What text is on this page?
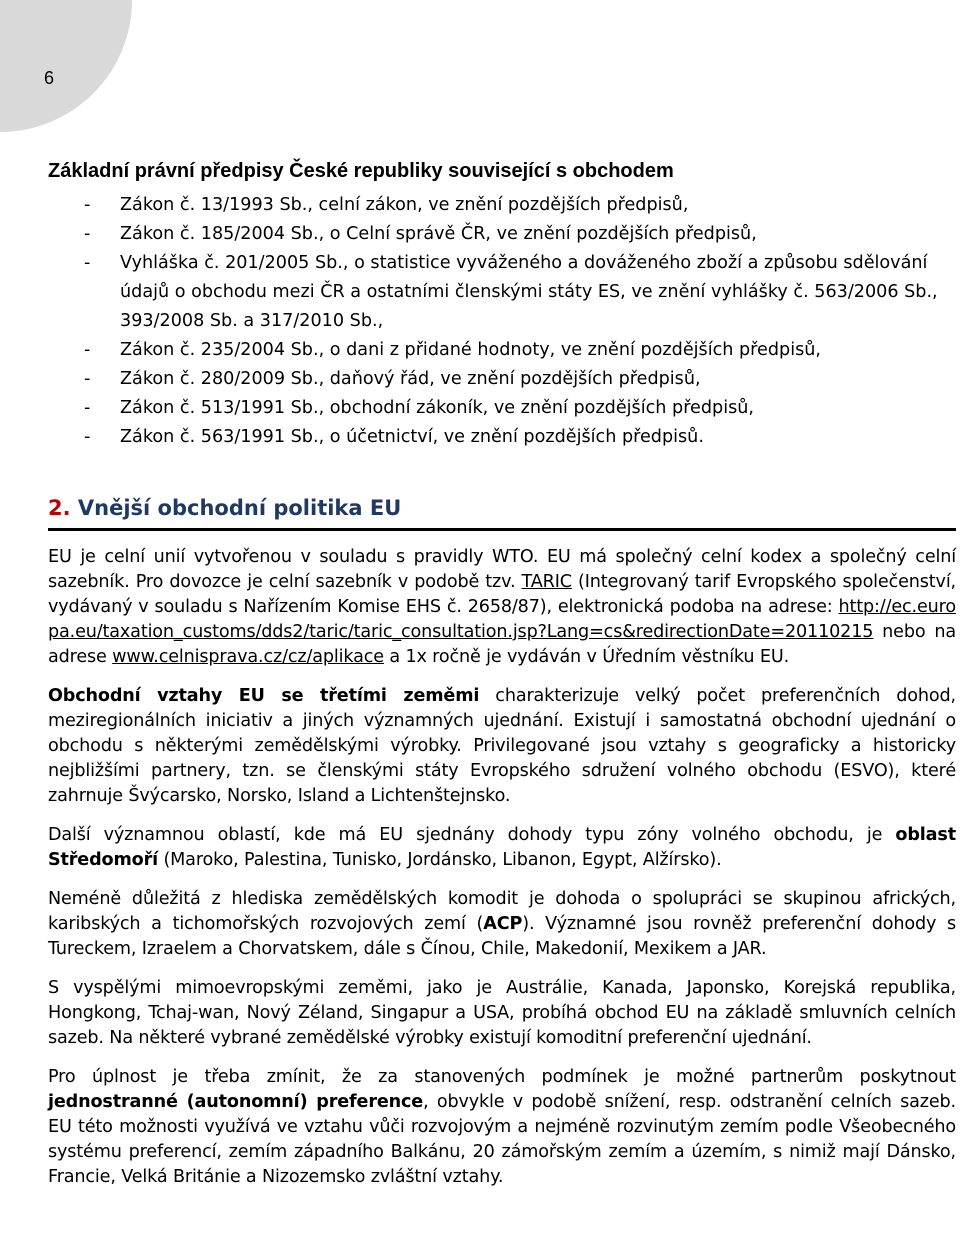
6
Základní právní předpisy České republiky související s obchodem
- Zákon č. 13/1993 Sb., celní zákon, ve znění pozdějších předpisů,
- Zákon č. 185/2004 Sb., o Celní správě ČR, ve znění pozdějších předpisů,
- Vyhláška č. 201/2005 Sb., o statistice vyváženého a dováženého zboží a způsobu sdělování údajů o obchodu mezi ČR a ostatními členskými státy ES, ve znění vyhlášky č. 563/2006 Sb., 393/2008 Sb. a 317/2010 Sb.,
- Zákon č. 235/2004 Sb., o dani z přidané hodnoty, ve znění pozdějších předpisů,
- Zákon č. 280/2009 Sb., daňový řád, ve znění pozdějších předpisů,
- Zákon č. 513/1991 Sb., obchodní zákoník, ve znění pozdějších předpisů,
- Zákon č. 563/1991 Sb., o účetnictví, ve znění pozdějších předpisů.
2. Vnější obchodní politika EU

EU je celní unií vytvořenou v souladu s pravidly WTO. EU má společný celní kodex a společný celní sazebník. Pro dovozce je celní sazebník v podobě tzv. TARIC (Integrovaný tarif Evropského společenství, vydávaný v souladu s Nařízením Komise EHS č. 2658/87), elektronická podoba na adrese: http://ec.europa.eu/taxation_customs/dds2/taric/taric_consultation.jsp?Lang=cs&redirectionDate=20110215 nebo na adrese www.celnisprava.cz/cz/aplikace a 1x ročně je vydáván v Úředním věstníku EU.

Obchodní vztahy EU se třetími zeměmi charakterizuje velký počet preferenčních dohod, meziregionálních iniciativ a jiných významných ujednání. Existují i samostatná obchodní ujednání o obchodu s některými zemědělskými výrobky. Privilegované jsou vztahy s geograficky a historicky nejbližšími partnery, tzn. se členskými státy Evropského sdružení volného obchodu (ESVO), které zahrnuje Švýcarsko, Norsko, Island a Lichtenštejnsko.

Další významnou oblastí, kde má EU sjednány dohody typu zóny volného obchodu, je oblast Středomoří (Maroko, Palestina, Tunisko, Jordánsko, Libanon, Egypt, Alžírsko).

Neméně důležitá z hlediska zemědělských komodit je dohoda o spolupráci se skupinou afrických, karibských a tichomořských rozvojových zemí (ACP). Významné jsou rovněž preferenční dohody s Tureckem, Izraelem a Chorvatskem, dále s Čínou, Chile, Makedonií, Mexikem a JAR.

S vyspělými mimoevropskými zeměmi, jako je Austrálie, Kanada, Japonsko, Korejská republika, Hongkong, Tchaj-wan, Nový Zéland, Singapur a USA, probíhá obchod EU na základě smluvních celních sazeb. Na některé vybrané zemědělské výrobky existují komoditní preferenční ujednání.

Pro úplnost je třeba zmínit, že za stanovených podmínek je možné partnerům poskytnout jednostranné (autonomní) preference, obvykle v podobě snížení, resp. odstranění celních sazeb. EU této možnosti využívá ve vztahu vůči rozvojovým a nejméně rozvinutým zemím podle Všeobecného systému preferencí, zemím západního Balkánu, 20 zámořským zemím a územím, s nimiž mají Dánsko, Francie, Velká Británie a Nizozemsko zvláštní vztahy.
